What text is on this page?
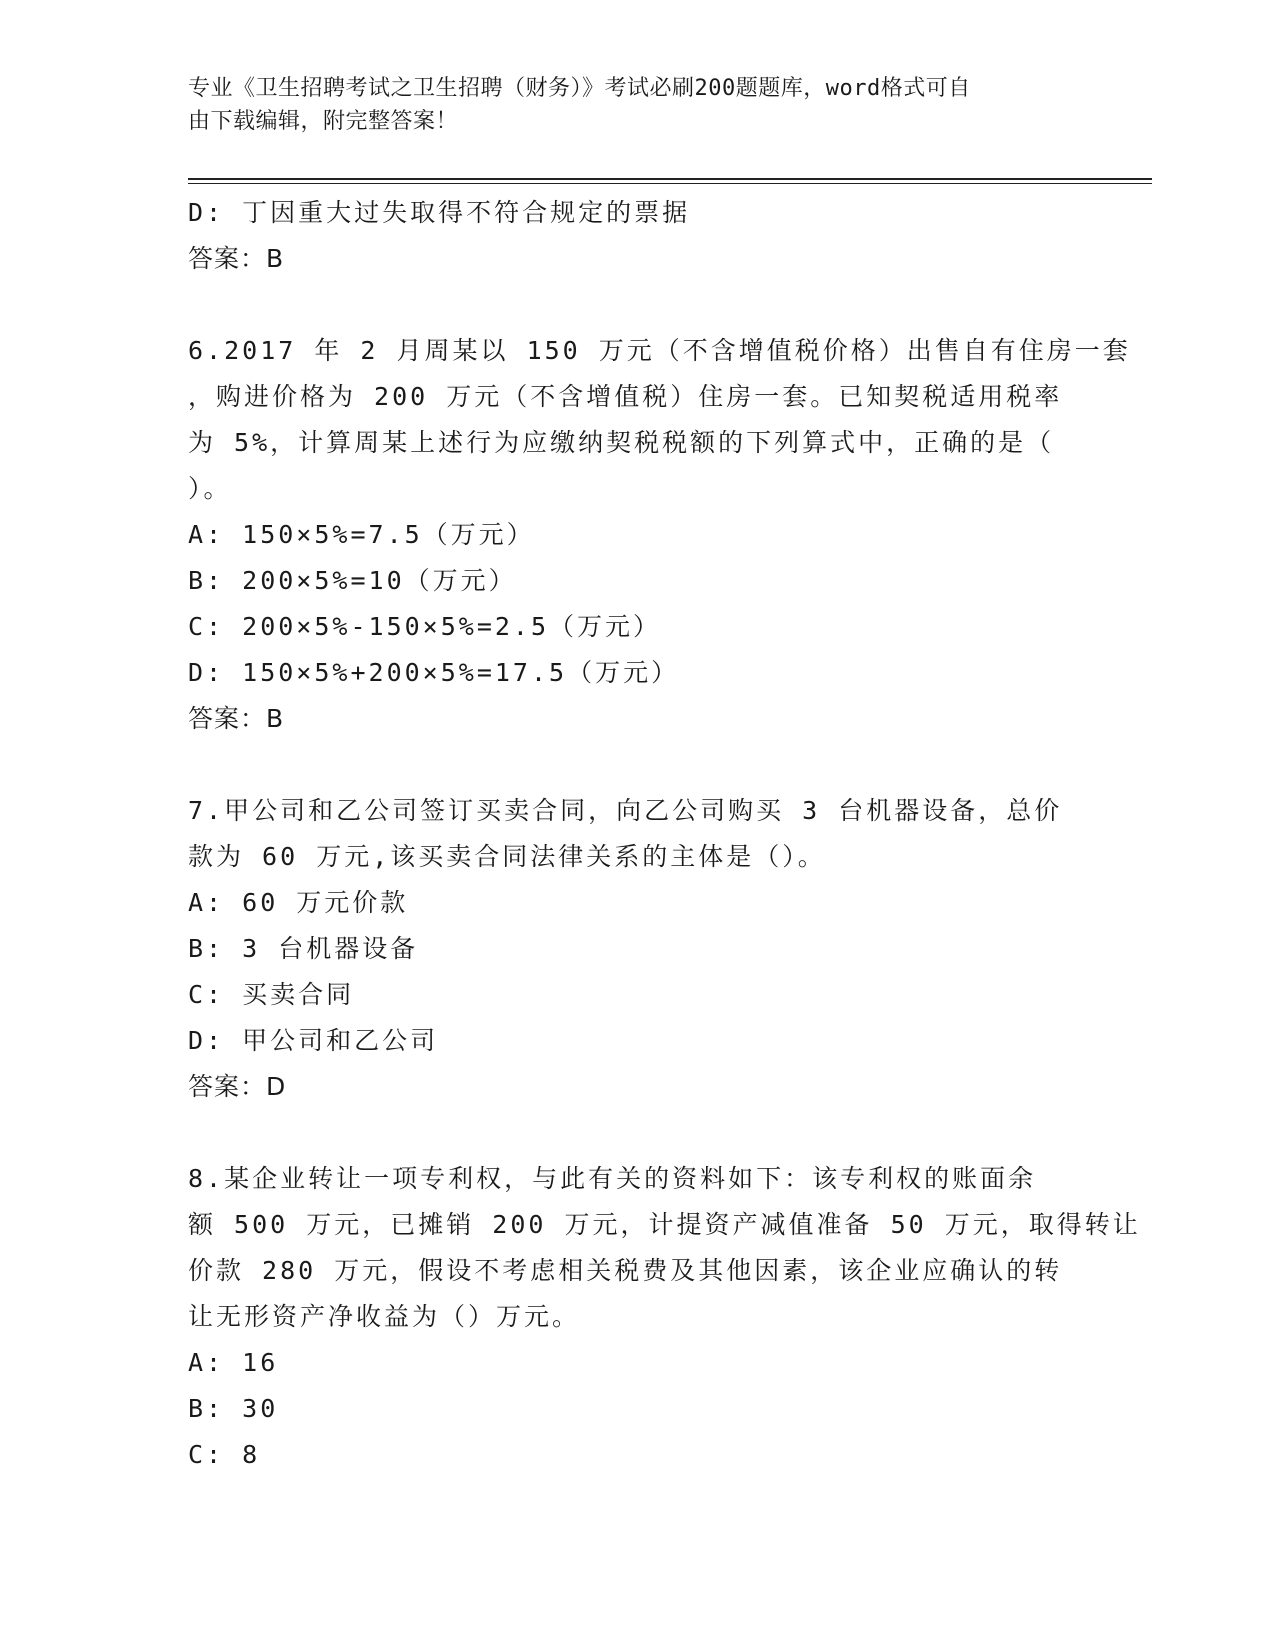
专业《卫生招聘考试之卫生招聘（财务）》考试必刷200题题库，word格式可自
由下载编辑，附完整答案！
D: 丁因重大过失取得不符合规定的票据
答案：B
6.2017 年 2 月周某以 150 万元（不含增值税价格）出售自有住房一套
，购进价格为 200 万元（不含增值税）住房一套。已知契税适用税率
为 5%，计算周某上述行为应缴纳契税税额的下列算式中，正确的是（
）。
A: 150×5%=7.5（万元）
B: 200×5%=10（万元）
C: 200×5%-150×5%=2.5（万元）
D: 150×5%+200×5%=17.5（万元）
答案：B
7.甲公司和乙公司签订买卖合同，向乙公司购买 3 台机器设备，总价
款为 60 万元,该买卖合同法律关系的主体是（）。
A: 60 万元价款
B: 3 台机器设备
C: 买卖合同
D: 甲公司和乙公司
答案：D
8.某企业转让一项专利权，与此有关的资料如下：该专利权的账面余
额 500 万元，已摊销 200 万元，计提资产减值准备 50 万元，取得转让
价款 280 万元，假设不考虑相关税费及其他因素，该企业应确认的转
让无形资产净收益为（）万元。
A: 16
B: 30
C: 8
